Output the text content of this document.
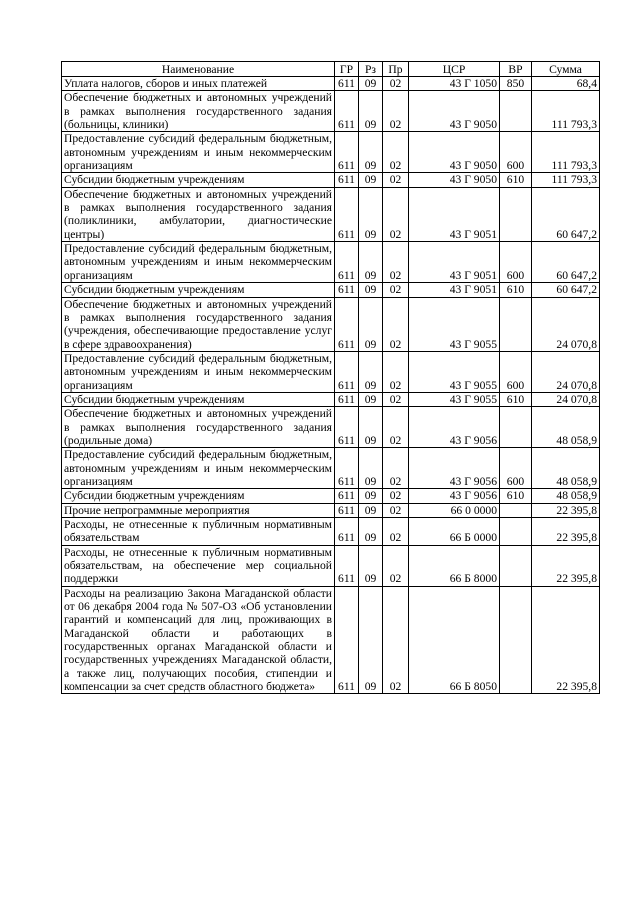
Наименование	ГР	Рз	Пр	ЦСР	ВР	Сумма
Уплата налогов, сборов и иных платежей	611	09	02	43 Г 1050	850	68,4
Обеспечение бюджетных и автономных учреждений в рамках выполнения государственного задания (больницы, клиники)	611	09	02	43 Г 9050		111 793,3
Предоставление субсидий федеральным бюджетным, автономным учреждениям и иным некоммерческим организациям	611	09	02	43 Г 9050	600	111 793,3
Субсидии бюджетным учреждениям	611	09	02	43 Г 9050	610	111 793,3
Обеспечение бюджетных и автономных учреждений в рамках выполнения государственного задания (поликлиники, амбулатории, диагностические центры)	611	09	02	43 Г 9051		60 647,2
Предоставление субсидий федеральным бюджетным, автономным учреждениям и иным некоммерческим организациям	611	09	02	43 Г 9051	600	60 647,2
Субсидии бюджетным учреждениям	611	09	02	43 Г 9051	610	60 647,2
Обеспечение бюджетных и автономных учреждений в рамках выполнения государственного задания (учреждения, обеспечивающие предоставление услуг в сфере здравоохранения)	611	09	02	43 Г 9055		24 070,8
Предоставление субсидий федеральным бюджетным, автономным учреждениям и иным некоммерческим организациям	611	09	02	43 Г 9055	600	24 070,8
Субсидии бюджетным учреждениям	611	09	02	43 Г 9055	610	24 070,8
Обеспечение бюджетных и автономных учреждений в рамках выполнения государственного задания (родильные дома)	611	09	02	43 Г 9056		48 058,9
Предоставление субсидий федеральным бюджетным, автономным учреждениям и иным некоммерческим организациям	611	09	02	43 Г 9056	600	48 058,9
Субсидии бюджетным учреждениям	611	09	02	43 Г 9056	610	48 058,9
Прочие непрограммные мероприятия	611	09	02	66 0 0000		22 395,8
Расходы, не отнесенные к публичным нормативным обязательствам	611	09	02	66 Б 0000		22 395,8
Расходы, не отнесенные к публичным нормативным обязательствам, на обеспечение мер социальной поддержки	611	09	02	66 Б 8000		22 395,8
Расходы на реализацию Закона Магаданской области от 06 декабря 2004 года № 507-ОЗ «Об установлении гарантий и компенсаций для лиц, проживающих в Магаданской области и работающих в государственных органах Магаданской области и государственных учреждениях Магаданской области, а также лиц, получающих пособия, стипендии и компенсации за счет средств областного бюджета»	611	09	02	66 Б 8050		22 395,8
